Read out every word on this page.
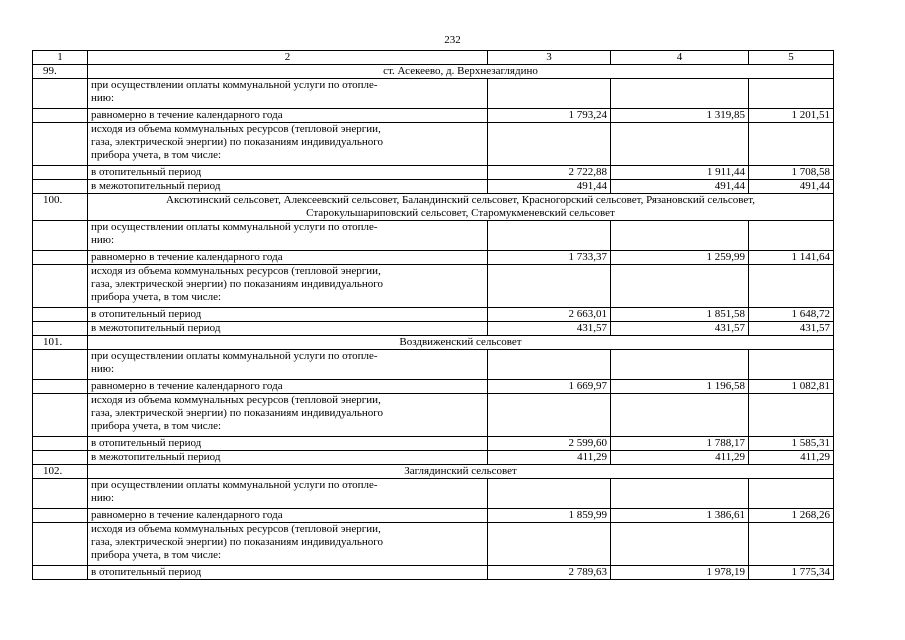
232
1	2	3	4	5
99.	ст. Асекеево, д. Верхнезаглядино			
	при осуществлении оплаты коммунальной услуги по отопле-
нию:			
	равномерно в течение календарного года	1 793,24	1 319,85	1 201,51
	исходя из объема коммунальных ресурсов (тепловой энергии,
газа, электрической энергии) по показаниям индивидуального
прибора учета, в том числе:			
	в отопительный период	2 722,88	1 911,44	1 708,58
	в межотопительный период	491,44	491,44	491,44
100.	Аксютинский сельсовет, Алексеевский сельсовет, Баландинский сельсовет, Красногорский сельсовет, Рязановский сельсовет,
Старокульшариповский сельсовет, Старомукменевский сельсовет			
	при осуществлении оплаты коммунальной услуги по отопле-
нию:			
	равномерно в течение календарного года	1 733,37	1 259,99	1 141,64
	исходя из объема коммунальных ресурсов (тепловой энергии,
газа, электрической энергии) по показаниям индивидуального
прибора учета, в том числе:			
	в отопительный период	2 663,01	1 851,58	1 648,72
	в межотопительный период	431,57	431,57	431,57
101.	Воздвиженский сельсовет			
	при осуществлении оплаты коммунальной услуги по отопле-
нию:			
	равномерно в течение календарного года	1 669,97	1 196,58	1 082,81
	исходя из объема коммунальных ресурсов (тепловой энергии,
газа, электрической энергии) по показаниям индивидуального
прибора учета, в том числе:			
	в отопительный период	2 599,60	1 788,17	1 585,31
	в межотопительный период	411,29	411,29	411,29
102.	Заглядинский сельсовет			
	при осуществлении оплаты коммунальной услуги по отопле-
нию:			
	равномерно в течение календарного года	1 859,99	1 386,61	1 268,26
	исходя из объема коммунальных ресурсов (тепловой энергии,
газа, электрической энергии) по показаниям индивидуального
прибора учета, в том числе:			
	в отопительный период	2 789,63	1 978,19	1 775,34
